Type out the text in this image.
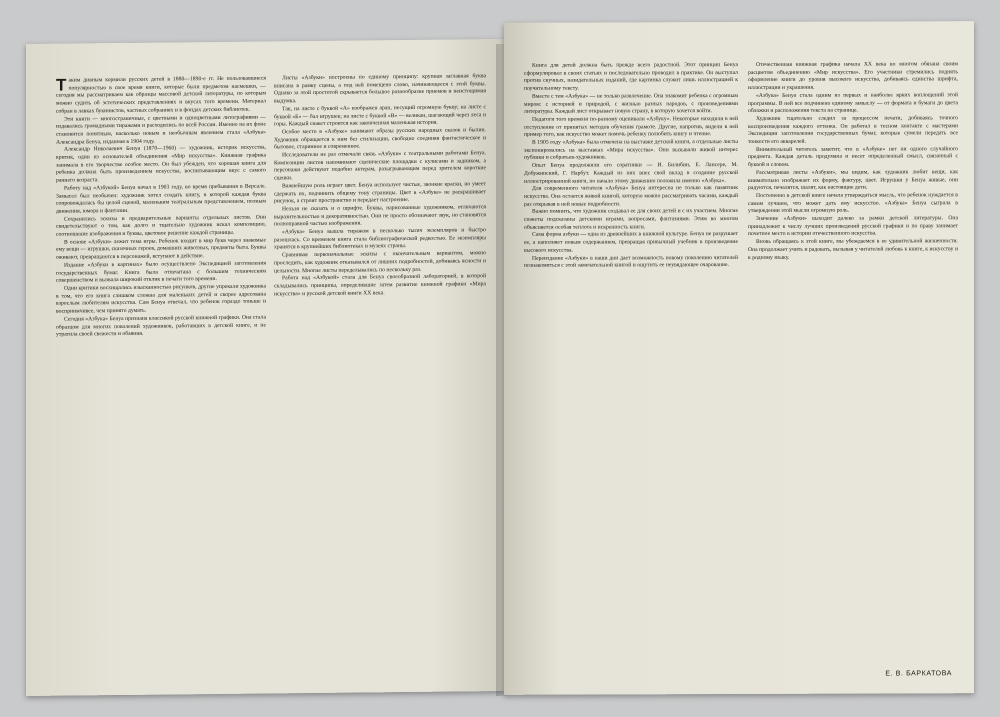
Т аким дивным кормили русских детей в 1880—1890-е гг. Не пользовавшиеся популярностью в свое время книги, которые были предметом насмешки, — сегодня мы рассматриваем как образцы массовой детской литературы, по которым можно судить об эстетических представлениях и вкусах того времени. Материал собран в лавках букинистов, частных собраниях и в фондах детских библиотек.

Эти книги — многостраничные, с цветными и одноцветными литографиями — издавались громадными тиражами и расходились по всей России. Именно на их фоне становится понятным, насколько новым и необычным явлением стала «Азбука» Александра Бенуа, изданная в 1904 году.

Александр Николаевич Бенуа (1870—1960) — художник, историк искусства, критик, один из основателей объединения «Мир искусства». Книжная графика занимала в его творчестве особое место. Он был убежден, что хорошая книга для ребенка должна быть произведением искусства, воспитывающим вкус с самого раннего возраста.

Работу над «Азбукой» Бенуа начал в 1903 году, во время пребывания в Версале. Замысел был необычен: художник хотел создать книгу, в которой каждая буква сопровождалась бы целой сценой, маленьким театральным представлением, полным движения, юмора и фантазии.

Сохранились эскизы и предварительные варианты отдельных листов. Они свидетельствуют о том, как долго и тщательно художник искал композицию, соотношение изображения и буквы, цветовое решение каждой страницы.

В основе «Азбуки» лежит тема игры. Ребенок входит в мир букв через знакомые ему вещи — игрушки, сказочных героев, домашних животных, предметы быта. Буквы оживают, превращаются в персонажей, вступают в действие.

Издание «Азбуки в картинах» было осуществлено Экспедицией заготовления государственных бумаг. Книга была отпечатана с большим техническим совершенством и вызвала широкий отклик в печати того времени.

Одни критики восхищались изысканностью рисунков, другие упрекали художника в том, что его книга слишком сложна для маленьких детей и скорее адресована взрослым любителям искусства. Сам Бенуа отвечал, что ребенок гораздо тоньше и восприимчивее, чем принято думать.

Сегодня «Азбука» Бенуа признана классикой русской книжной графики. Она стала образцом для многих поколений художников, работавших в детской книге, и не утратила своей свежести и обаяния.

Листы «Азбуки» построены по единому принципу: крупная заглавная буква вписана в рамку сцены, а под ней помещено слово, начинающееся с этой буквы. Однако за этой простотой скрывается большое разнообразие приемов и неистощимая выдумка.

Так, на листе с буквой «А» изображен арап, несущий огромную букву; на листе с буквой «Б» — бал игрушек; на листе с буквой «В» — великан, шагающий через леса и горы. Каждый сюжет строится как законченная маленькая история.

Особое место в «Азбуке» занимают образы русских народных сказок и былин. Художник обращается к ним без стилизации, свободно соединяя фантастическое и бытовое, старинное и современное.

Исследователи не раз отмечали связь «Азбуки» с театральными работами Бенуа. Композиции листов напоминают сценические площадки с кулисами и задником, а персонажи действуют подобно актерам, разыгрывающим перед зрителем короткие сценки.

Важнейшую роль играет цвет. Бенуа использует чистые, звонкие краски, но умеет сдержать их, подчинить общему тону страницы. Цвет в «Азбуке» не раскрашивает рисунок, а строит пространство и передает настроение.

Нельзя не сказать и о шрифте. Буквы, нарисованные художником, отличаются выразительностью и декоративностью. Они не просто обозначают звук, но становятся полноправной частью изображения.

«Азбука» Бенуа вышла тиражом в несколько тысяч экземпляров и быстро разошлась. Со временем книга стала библиографической редкостью. Ее экземпляры хранятся в крупнейших библиотеках и музеях страны.

Сравнивая первоначальные эскизы с окончательным вариантом, можно проследить, как художник отказывался от лишних подробностей, добиваясь ясности и цельности. Многие листы переделывались по нескольку раз.

Работа над «Азбукой» стала для Бенуа своеобразной лабораторией, в которой складывались принципы, определившие затем развитие книжной графики «Мира искусства» и русской детской книги XX века.

Книга для детей должна быть прежде всего радостной. Этот принцип Бенуа сформулировал в своих статьях и последовательно проводил в практике. Он выступал против скучных, назидательных изданий, где картинка служит лишь иллюстрацией к поучительному тексту.

Вместе с тем «Азбука» — не только развлечение. Она знакомит ребенка с огромным миром: с историей и природой, с жизнью разных народов, с произведениями литературы. Каждый лист открывает новую страну, в которую хочется войти.

Педагоги того времени по-разному оценивали «Азбуку». Некоторые находили в ней отступление от принятых методов обучения грамоте. Другие, напротив, видели в ней пример того, как искусство может помочь ребенку полюбить книгу и чтение.

В 1905 году «Азбука» была отмечена на выставке детской книги, а отдельные листы экспонировались на выставках «Мира искусства». Они вызывали живой интерес публики и собратьев-художников.

Опыт Бенуа продолжили его соратники — И. Билибин, Е. Лансере, М. Добужинский, Г. Нарбут. Каждый из них внес свой вклад в создание русской иллюстрированной книги, но начало этому движению положила именно «Азбука».

Для современного читателя «Азбука» Бенуа интересна не только как памятник искусства. Она остается живой книгой, которую можно рассматривать часами, каждый раз открывая в ней новые подробности.

Важно помнить, что художник создавал ее для своих детей и с их участием. Многие сюжеты подсказаны детскими играми, вопросами, фантазиями. Этим во многом объясняется особая теплота и искренность книги.

Сама форма азбуки — одна из древнейших в книжной культуре. Бенуа не разрушает ее, а наполняет новым содержанием, превращая привычный учебник в произведение высокого искусства.

Переиздание «Азбуки» в наши дни дает возможность новому поколению читателей познакомиться с этой замечательной книгой и ощутить ее неувядающее очарование.

Отечественная книжная графика начала XX века во многом обязана своим расцветом объединению «Мир искусства». Его участники стремились поднять оформление книги до уровня высокого искусства, добиваясь единства шрифта, иллюстрации и украшения.

«Азбука» Бенуа стала одним из первых и наиболее ярких воплощений этой программы. В ней все подчинено единому замыслу — от формата и бумаги до цвета обложки и расположения текста на странице.

Художник тщательно следил за процессом печати, добиваясь точного воспроизведения каждого оттенка. Он работал в тесном контакте с мастерами Экспедиции заготовления государственных бумаг, которые сумели передать все тонкости его акварелей.

Внимательный читатель заметит, что в «Азбуке» нет ни одного случайного предмета. Каждая деталь продумана и несет определенный смысл, связанный с буквой и словом.

Рассматривая листы «Азбуки», мы видим, как художник любит вещи, как внимательно изображает их форму, фактуру, цвет. Игрушки у Бенуа живые, они радуются, печалятся, шалят, как настоящие дети.

Постепенно в детской книге начала утверждаться мысль, что ребенок нуждается в самом лучшем, что может дать ему искусство. «Азбука» Бенуа сыграла в утверждении этой мысли огромную роль.

Значение «Азбуки» выходит далеко за рамки детской литературы. Она принадлежит к числу лучших произведений русской графики и по праву занимает почетное место в истории отечественного искусства.

Вновь обращаясь к этой книге, мы убеждаемся в ее удивительной жизненности. Она продолжает учить и радовать, вызывая у читателей любовь к книге, к искусству и к родному языку.

Е. В. БАРКАТОВА
